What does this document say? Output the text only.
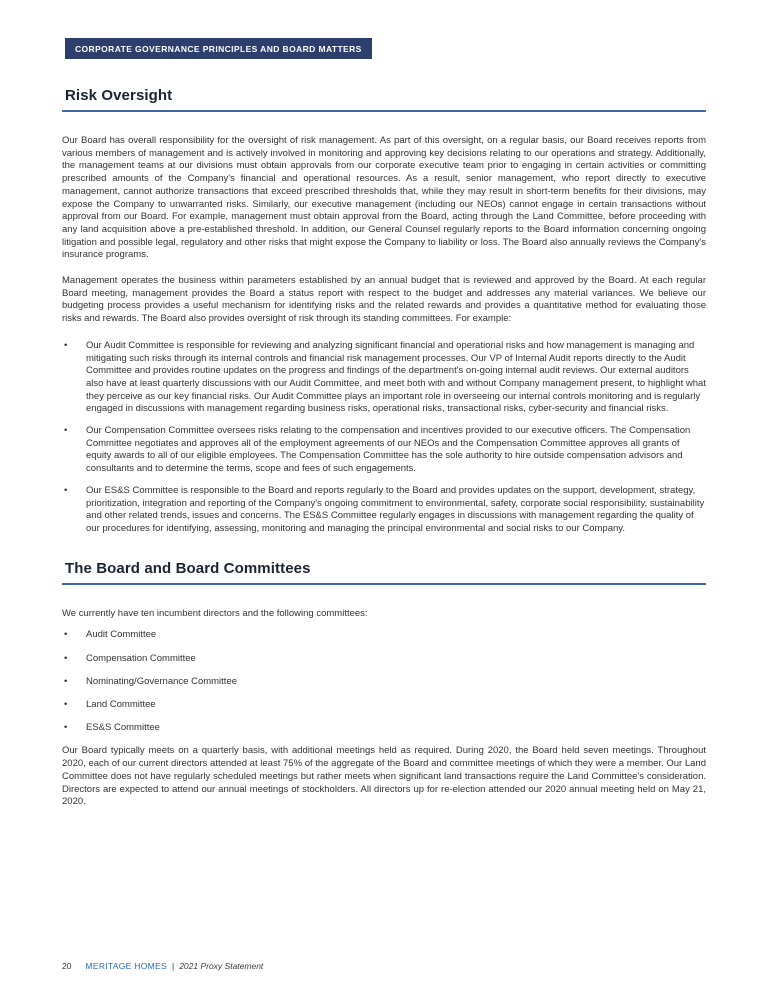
CORPORATE GOVERNANCE PRINCIPLES AND BOARD MATTERS
Risk Oversight

Our Board has overall responsibility for the oversight of risk management. As part of this oversight, on a regular basis, our Board receives reports from various members of management and is actively involved in monitoring and approving key decisions relating to our operations and strategy. Additionally, the management teams at our divisions must obtain approvals from our corporate executive team prior to engaging in certain activities or committing prescribed amounts of the Company's financial and operational resources. As a result, senior management, who report directly to executive management, cannot authorize transactions that exceed prescribed thresholds that, while they may result in short-term benefits for their divisions, may expose the Company to unwarranted risks. Similarly, our executive management (including our NEOs) cannot engage in certain transactions without approval from our Board. For example, management must obtain approval from the Board, acting through the Land Committee, before proceeding with any land acquisition above a pre-established threshold. In addition, our General Counsel regularly reports to the Board information concerning ongoing litigation and possible legal, regulatory and other risks that might expose the Company to liability or loss. The Board also annually reviews the Company's insurance programs.

Management operates the business within parameters established by an annual budget that is reviewed and approved by the Board. At each regular Board meeting, management provides the Board a status report with respect to the budget and addresses any material variances. We believe our budgeting process provides a useful mechanism for identifying risks and the related rewards and provides a quantitative method for evaluating those risks and rewards. The Board also provides oversight of risk through its standing committees. For example:

• Our Audit Committee is responsible for reviewing and analyzing significant financial and operational risks and how management is managing and mitigating such risks through its internal controls and financial risk management processes. Our VP of Internal Audit reports directly to the Audit Committee and provides routine updates on the progress and findings of the department's on-going internal audit reviews. Our external auditors also have at least quarterly discussions with our Audit Committee, and meet both with and without Company management present, to highlight what they perceive as our key financial risks. Our Audit Committee plays an important role in overseeing our internal controls monitoring and is regularly engaged in discussions with management regarding business risks, operational risks, transactional risks, cyber-security and financial risks.
• Our Compensation Committee oversees risks relating to the compensation and incentives provided to our executive officers. The Compensation Committee negotiates and approves all of the employment agreements of our NEOs and the Compensation Committee approves all grants of equity awards to all of our eligible employees. The Compensation Committee has the sole authority to hire outside compensation advisors and consultants and to determine the terms, scope and fees of such engagements.
• Our ES&S Committee is responsible to the Board and reports regularly to the Board and provides updates on the support, development, strategy, prioritization, integration and reporting of the Company's ongoing commitment to environmental, safety, corporate social responsibility, sustainability and other related trends, issues and concerns. The ES&S Committee regularly engages in discussions with management regarding the quality of our procedures for identifying, assessing, monitoring and managing the principal environmental and social risks to our Company.
The Board and Board Committees

We currently have ten incumbent directors and the following committees:

• Audit Committee
• Compensation Committee
• Nominating/Governance Committee
• Land Committee
• ES&S Committee

Our Board typically meets on a quarterly basis, with additional meetings held as required. During 2020, the Board held seven meetings. Throughout 2020, each of our current directors attended at least 75% of the aggregate of the Board and committee meetings of which they were a member. Our Land Committee does not have regularly scheduled meetings but rather meets when significant land transactions require the Land Committee's consideration. Directors are expected to attend our annual meetings of stockholders. All directors up for re-election attended our 2020 annual meeting held on May 21, 2020.

20 MERITAGE HOMES | 2021 Proxy Statement
